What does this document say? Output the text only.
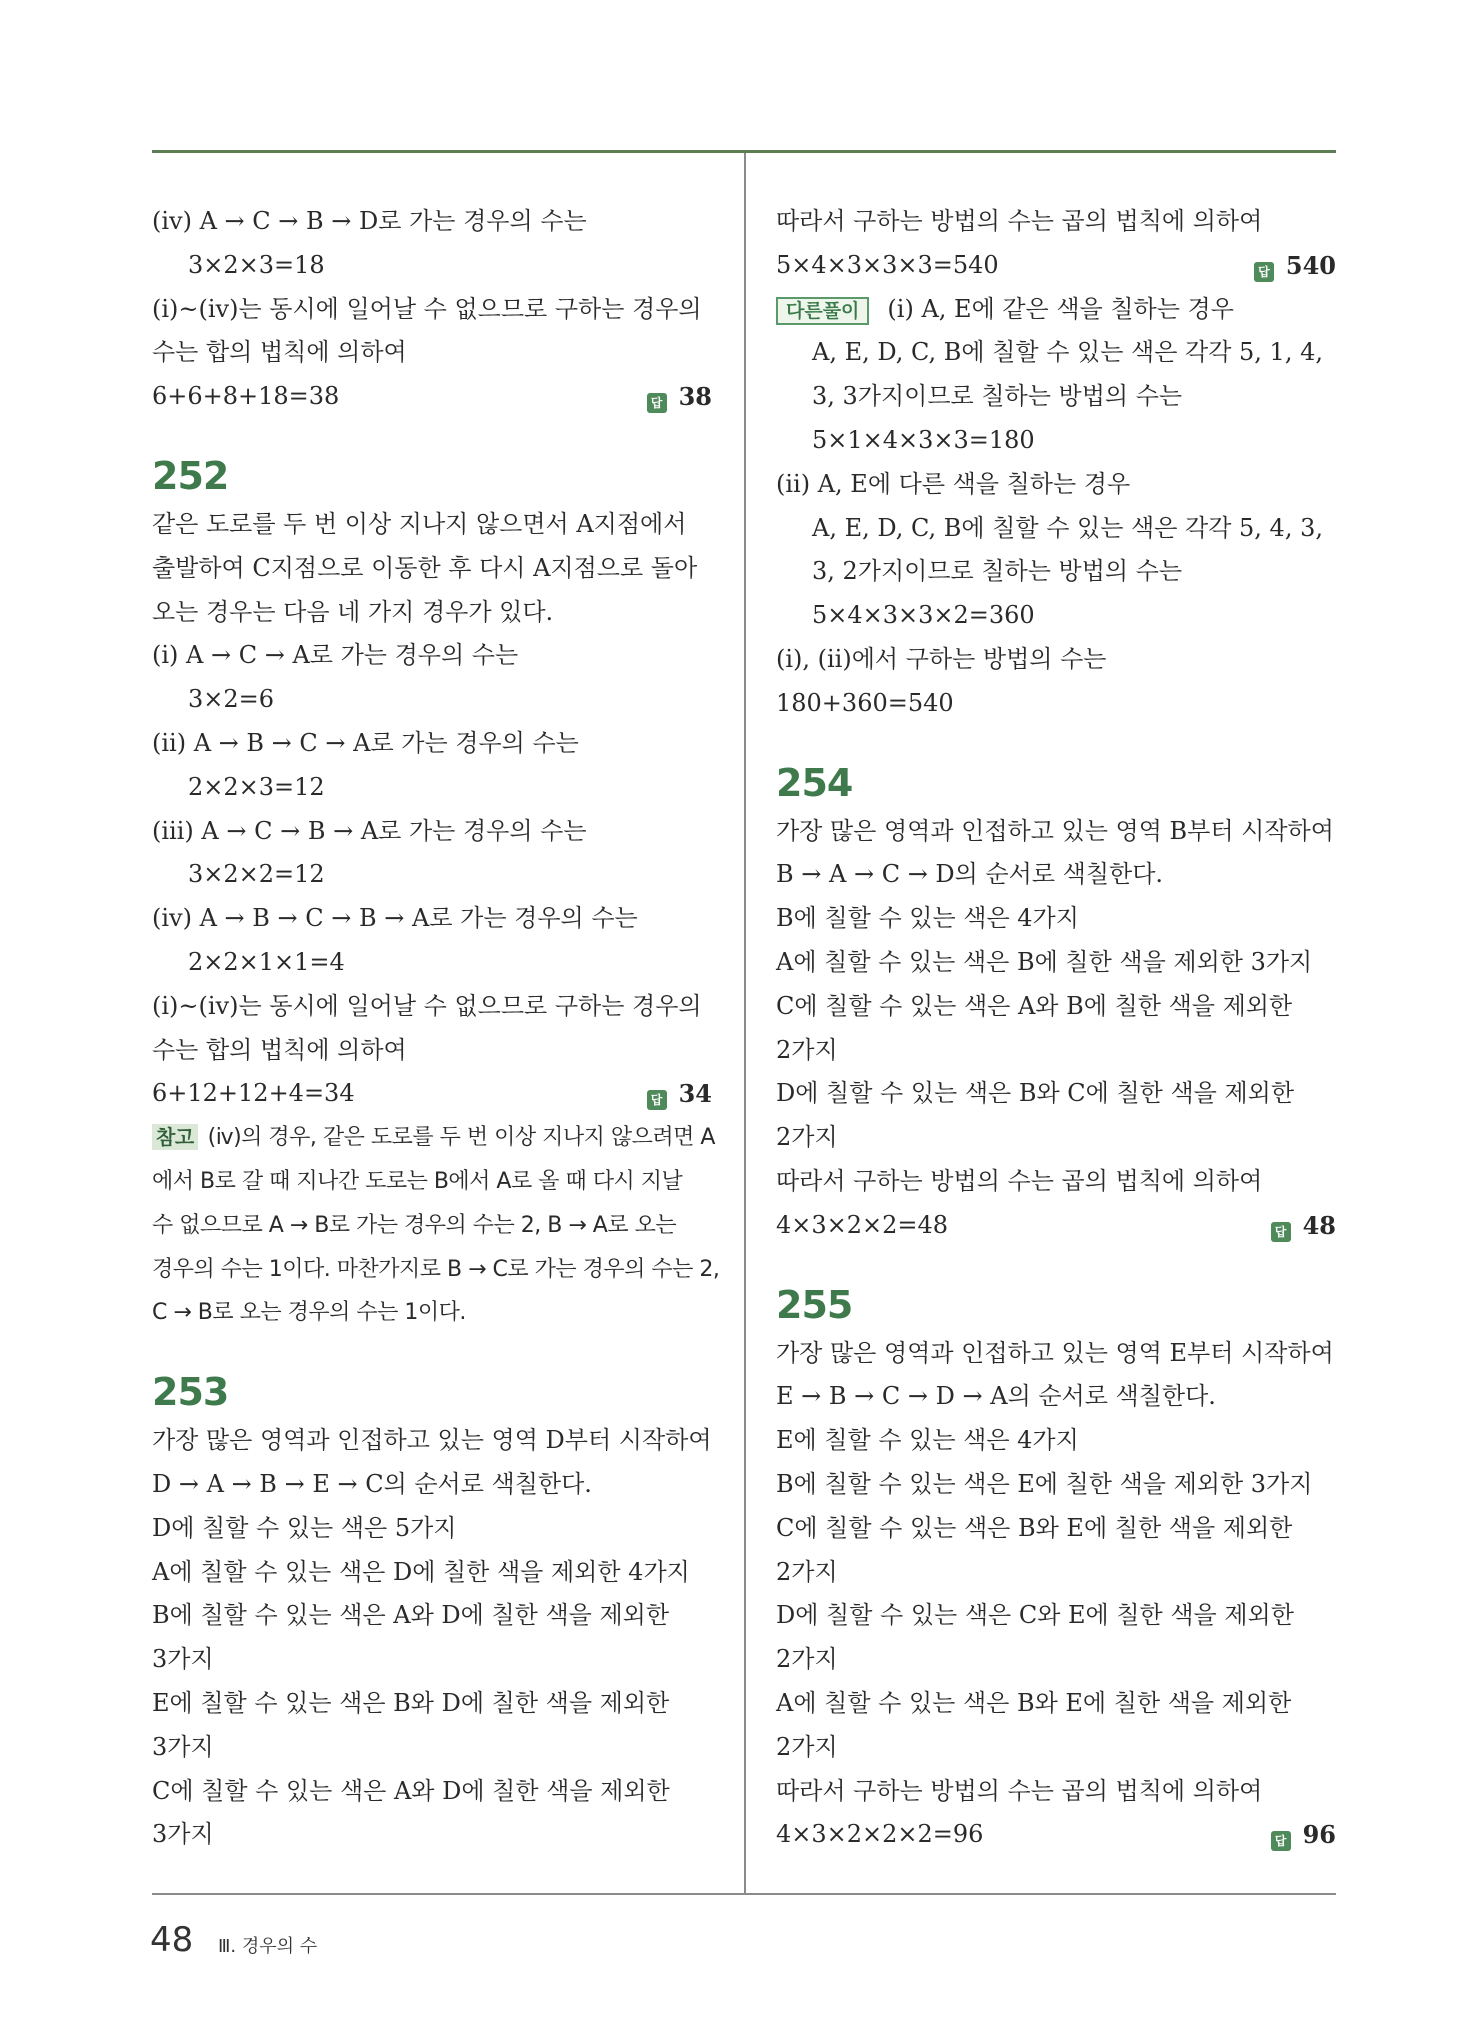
(ⅳ) A → C → B → D로 가는 경우의 수는
3×2×3=18
(ⅰ)~(ⅳ)는 동시에 일어날 수 없으므로 구하는 경우의
수는 합의 법칙에 의하여
6+6+8+18=38	답 38
252
같은 도로를 두 번 이상 지나지 않으면서 A지점에서
출발하여 C지점으로 이동한 후 다시 A지점으로 돌아
오는 경우는 다음 네 가지 경우가 있다.
(ⅰ) A → C → A로 가는 경우의 수는
3×2=6
(ⅱ) A → B → C → A로 가는 경우의 수는
2×2×3=12
(ⅲ) A → C → B → A로 가는 경우의 수는
3×2×2=12
(ⅳ) A → B → C → B → A로 가는 경우의 수는
2×2×1×1=4
(ⅰ)~(ⅳ)는 동시에 일어날 수 없으므로 구하는 경우의
수는 합의 법칙에 의하여
6+12+12+4=34	답 34
참고 (ⅳ)의 경우, 같은 도로를 두 번 이상 지나지 않으려면 A
에서 B로 갈 때 지나간 도로는 B에서 A로 올 때 다시 지날
수 없으므로 A → B로 가는 경우의 수는 2, B → A로 오는
경우의 수는 1이다. 마찬가지로 B → C로 가는 경우의 수는 2,
C → B로 오는 경우의 수는 1이다.
253
가장 많은 영역과 인접하고 있는 영역 D부터 시작하여
D → A → B → E → C의 순서로 색칠한다.
D에 칠할 수 있는 색은 5가지
A에 칠할 수 있는 색은 D에 칠한 색을 제외한 4가지
B에 칠할 수 있는 색은 A와 D에 칠한 색을 제외한
3가지
E에 칠할 수 있는 색은 B와 D에 칠한 색을 제외한
3가지
C에 칠할 수 있는 색은 A와 D에 칠한 색을 제외한
3가지
따라서 구하는 방법의 수는 곱의 법칙에 의하여
5×4×3×3×3=540	답 540
다른풀이 (ⅰ) A, E에 같은 색을 칠하는 경우
A, E, D, C, B에 칠할 수 있는 색은 각각 5, 1, 4,
3, 3가지이므로 칠하는 방법의 수는
5×1×4×3×3=180
(ⅱ) A, E에 다른 색을 칠하는 경우
A, E, D, C, B에 칠할 수 있는 색은 각각 5, 4, 3,
3, 2가지이므로 칠하는 방법의 수는
5×4×3×3×2=360
(ⅰ), (ⅱ)에서 구하는 방법의 수는
180+360=540
254
가장 많은 영역과 인접하고 있는 영역 B부터 시작하여
B → A → C → D의 순서로 색칠한다.
B에 칠할 수 있는 색은 4가지
A에 칠할 수 있는 색은 B에 칠한 색을 제외한 3가지
C에 칠할 수 있는 색은 A와 B에 칠한 색을 제외한
2가지
D에 칠할 수 있는 색은 B와 C에 칠한 색을 제외한
2가지
따라서 구하는 방법의 수는 곱의 법칙에 의하여
4×3×2×2=48	답 48
255
가장 많은 영역과 인접하고 있는 영역 E부터 시작하여
E → B → C → D → A의 순서로 색칠한다.
E에 칠할 수 있는 색은 4가지
B에 칠할 수 있는 색은 E에 칠한 색을 제외한 3가지
C에 칠할 수 있는 색은 B와 E에 칠한 색을 제외한
2가지
D에 칠할 수 있는 색은 C와 E에 칠한 색을 제외한
2가지
A에 칠할 수 있는 색은 B와 E에 칠한 색을 제외한
2가지
따라서 구하는 방법의 수는 곱의 법칙에 의하여
4×3×2×2×2=96	답 96
48 Ⅲ. 경우의 수
